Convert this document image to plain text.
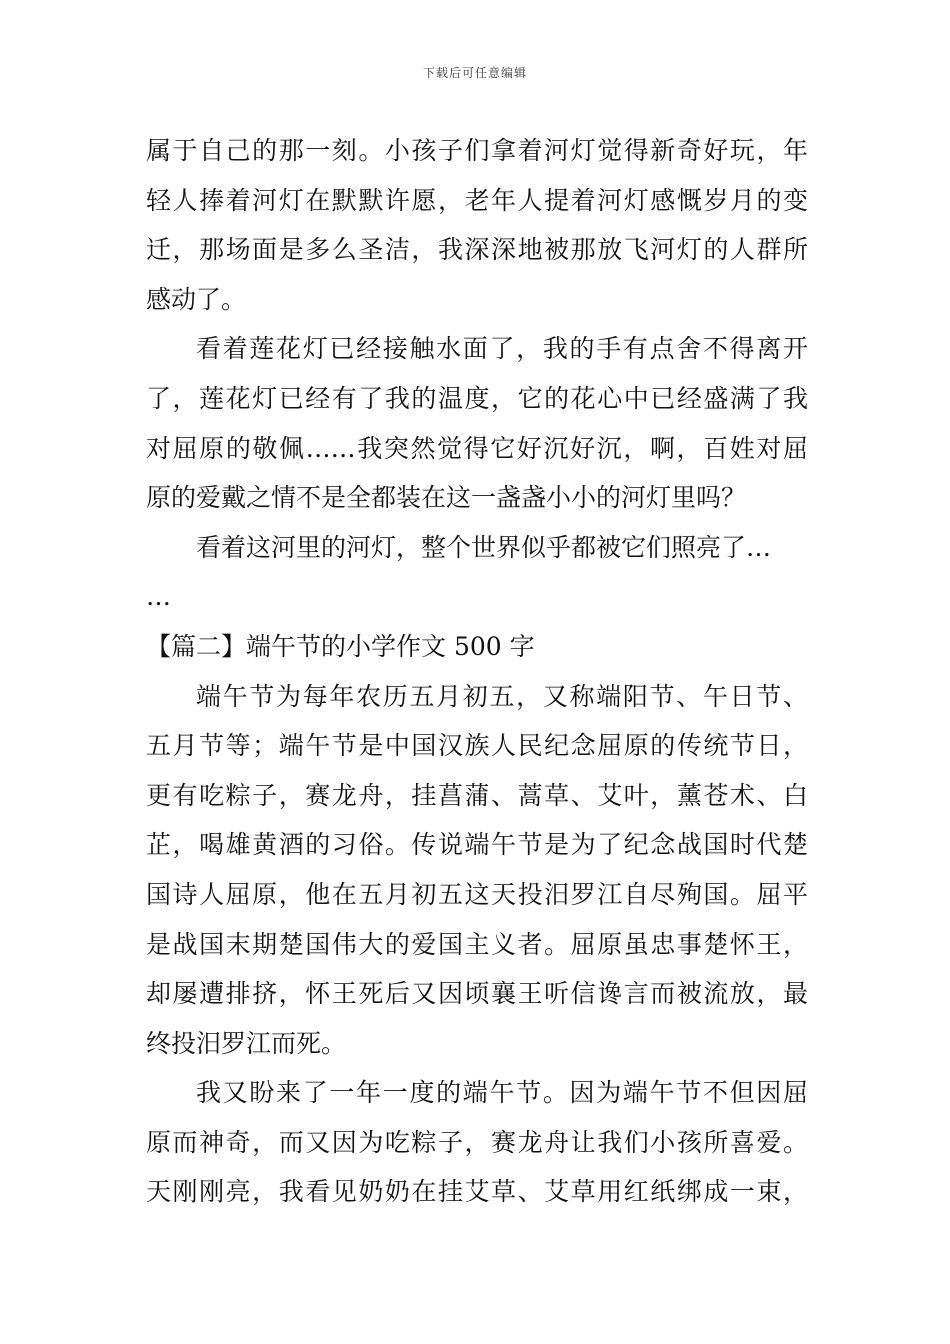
下载后可任意编辑
属于自己的那一刻。小孩子们拿着河灯觉得新奇好玩，年
轻人捧着河灯在默默许愿，老年人提着河灯感慨岁月的变
迁，那场面是多么圣洁，我深深地被那放飞河灯的人群所
感动了。
看着莲花灯已经接触水面了，我的手有点舍不得离开
了，莲花灯已经有了我的温度，它的花心中已经盛满了我
对屈原的敬佩……我突然觉得它好沉好沉，啊，百姓对屈
原的爱戴之情不是全都装在这一盏盏小小的河灯里吗？
看着这河里的河灯，整个世界似乎都被它们照亮了…
…
【篇二】端午节的小学作文 500 字
端午节为每年农历五月初五，又称端阳节、午日节、
五月节等；端午节是中国汉族人民纪念屈原的传统节日，
更有吃粽子，赛龙舟，挂菖蒲、蒿草、艾叶，薰苍术、白
芷，喝雄黄酒的习俗。传说端午节是为了纪念战国时代楚
国诗人屈原，他在五月初五这天投汨罗江自尽殉国。屈平
是战国末期楚国伟大的爱国主义者。屈原虽忠事楚怀王，
却屡遭排挤，怀王死后又因顷襄王听信谗言而被流放，最
终投汨罗江而死。
我又盼来了一年一度的端午节。因为端午节不但因屈
原而神奇，而又因为吃粽子，赛龙舟让我们小孩所喜爱。
天刚刚亮，我看见奶奶在挂艾草、艾草用红纸绑成一束，
